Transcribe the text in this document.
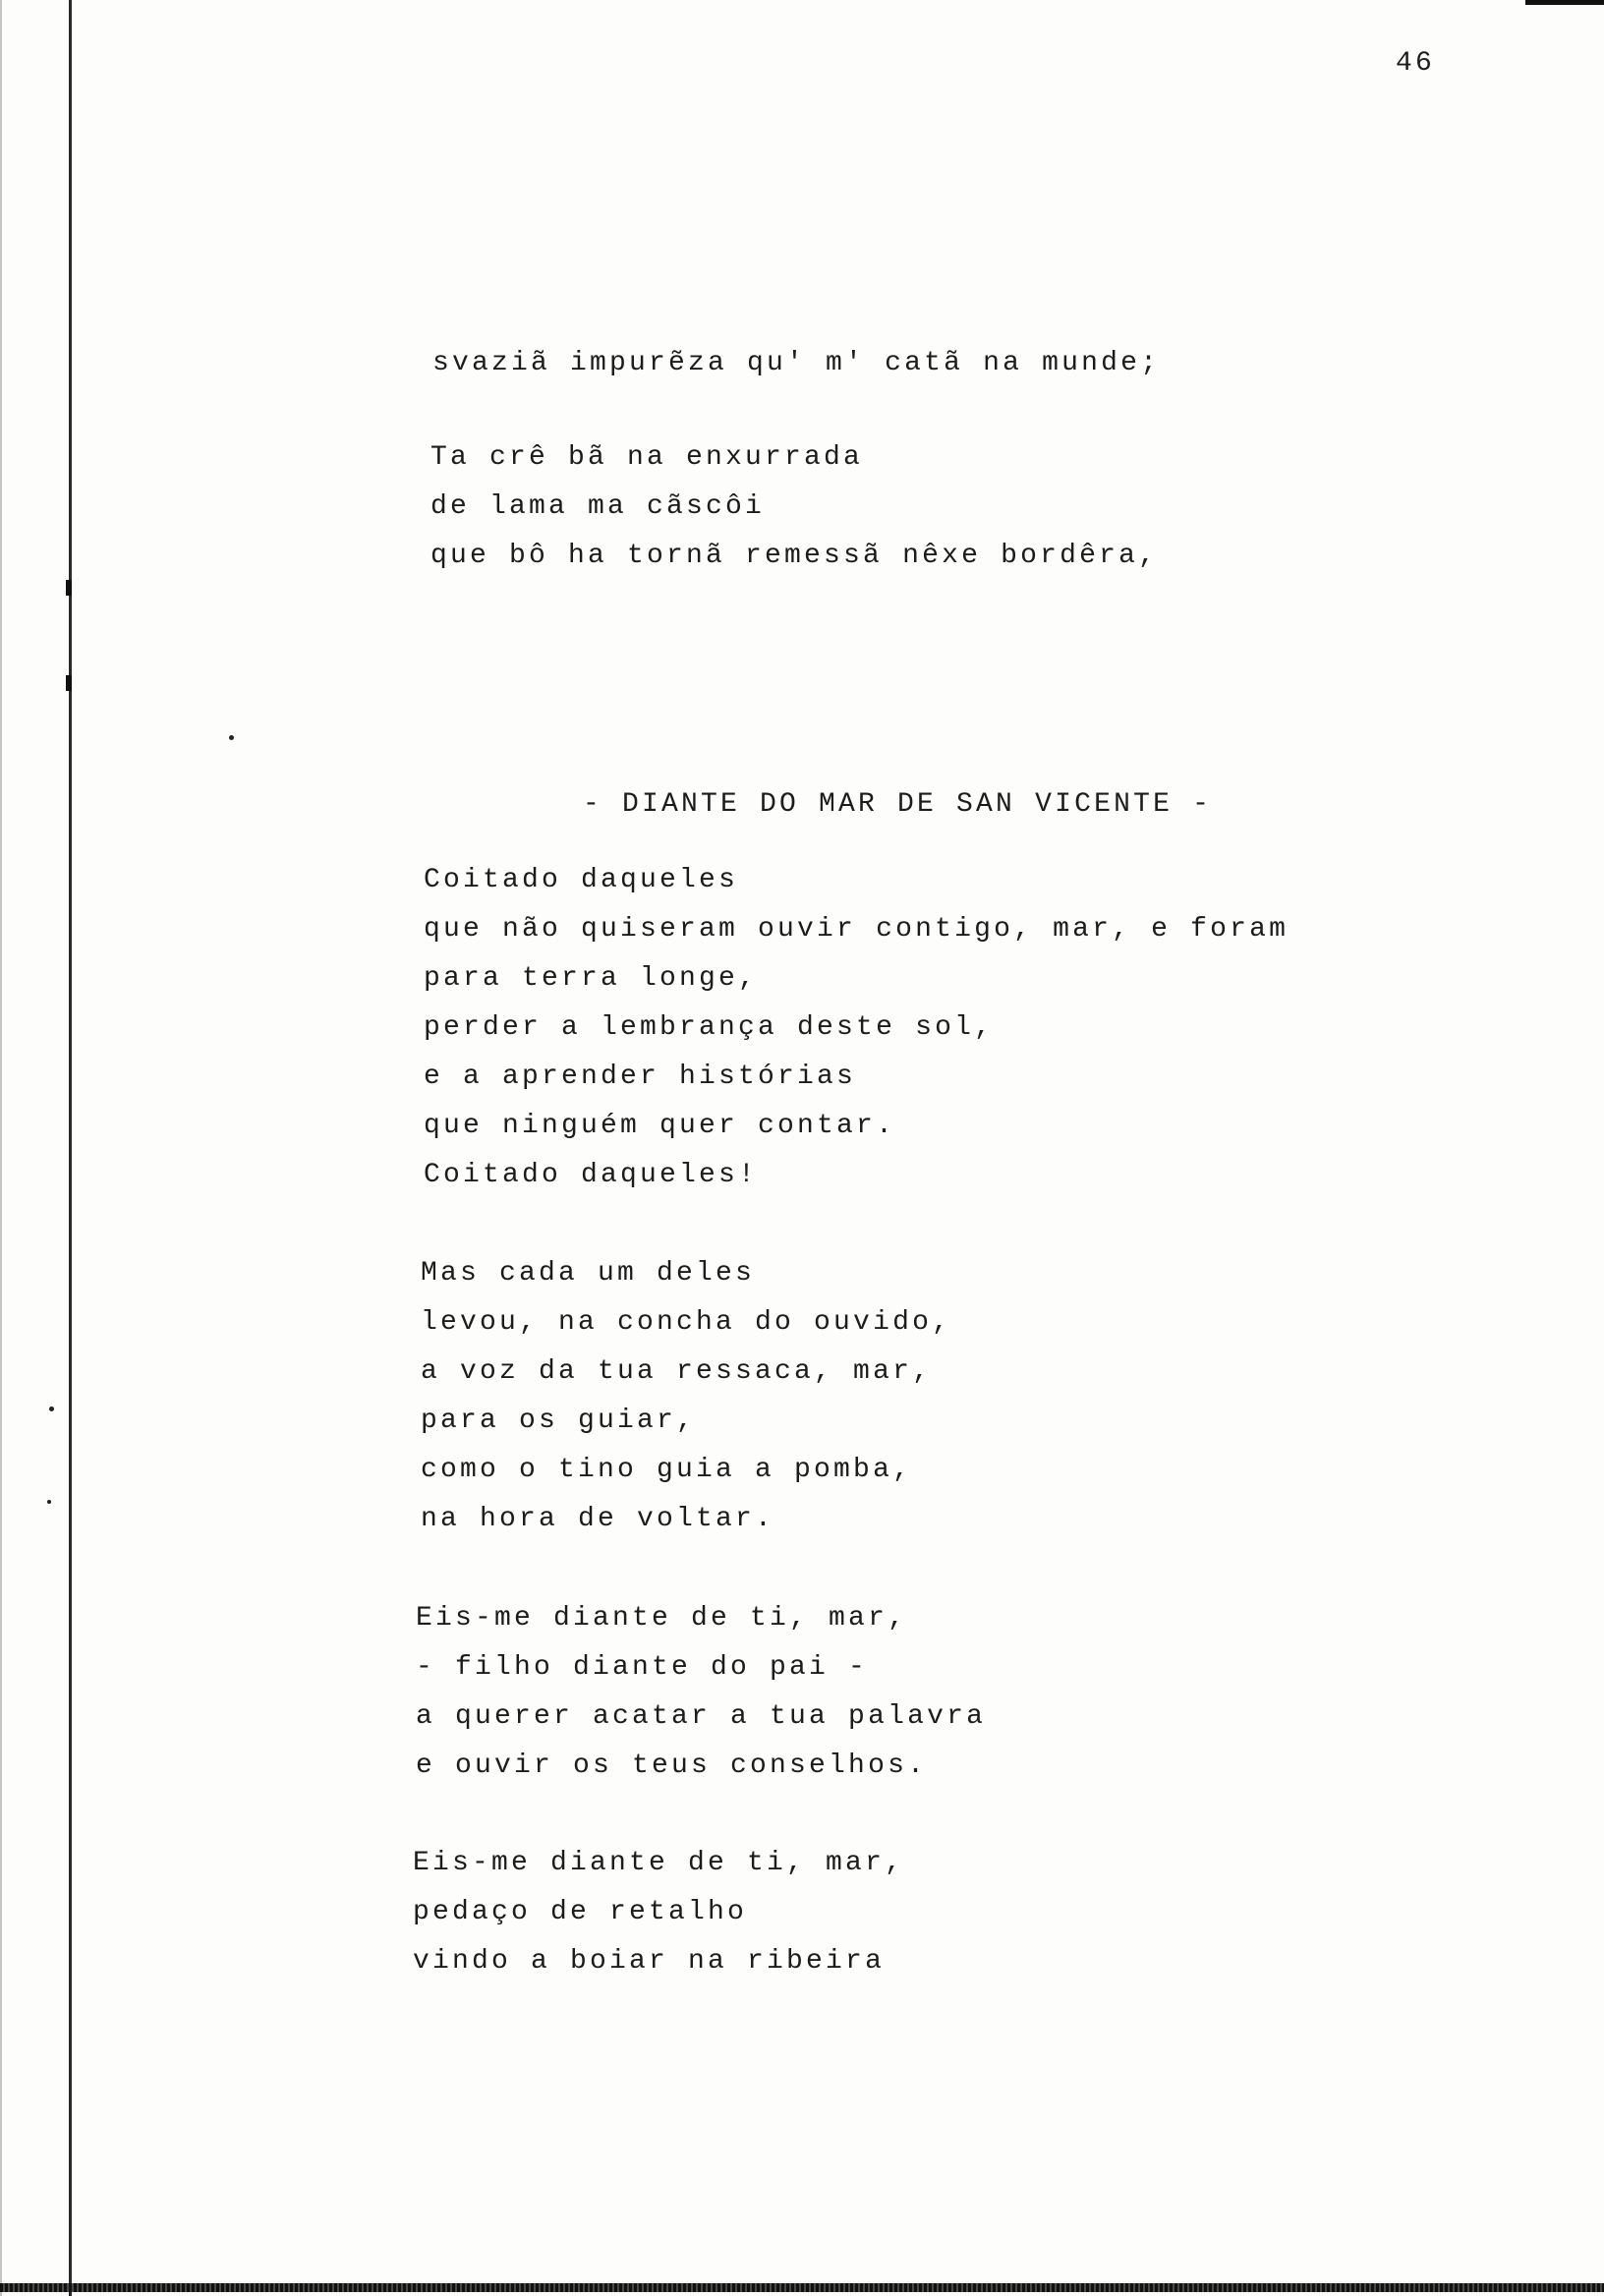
46
svaziã impurẽza qu' m' catã na munde;
Ta crê bã na enxurrada
de lama ma cãscôi
que bô ha tornã remessã nêxe bordêra,
- DIANTE DO MAR DE SAN VICENTE -
Coitado daqueles
que não quiseram ouvir contigo, mar, e foram
para terra longe,
perder a lembrança deste sol,
e a aprender histórias
que ninguém quer contar.
Coitado daqueles!
Mas cada um deles
levou, na concha do ouvido,
a voz da tua ressaca, mar,
para os guiar,
como o tino guia a pomba,
na hora de voltar.
Eis-me diante de ti, mar,
- filho diante do pai -
a querer acatar a tua palavra
e ouvir os teus conselhos.
Eis-me diante de ti, mar,
pedaço de retalho
vindo a boiar na ribeira
